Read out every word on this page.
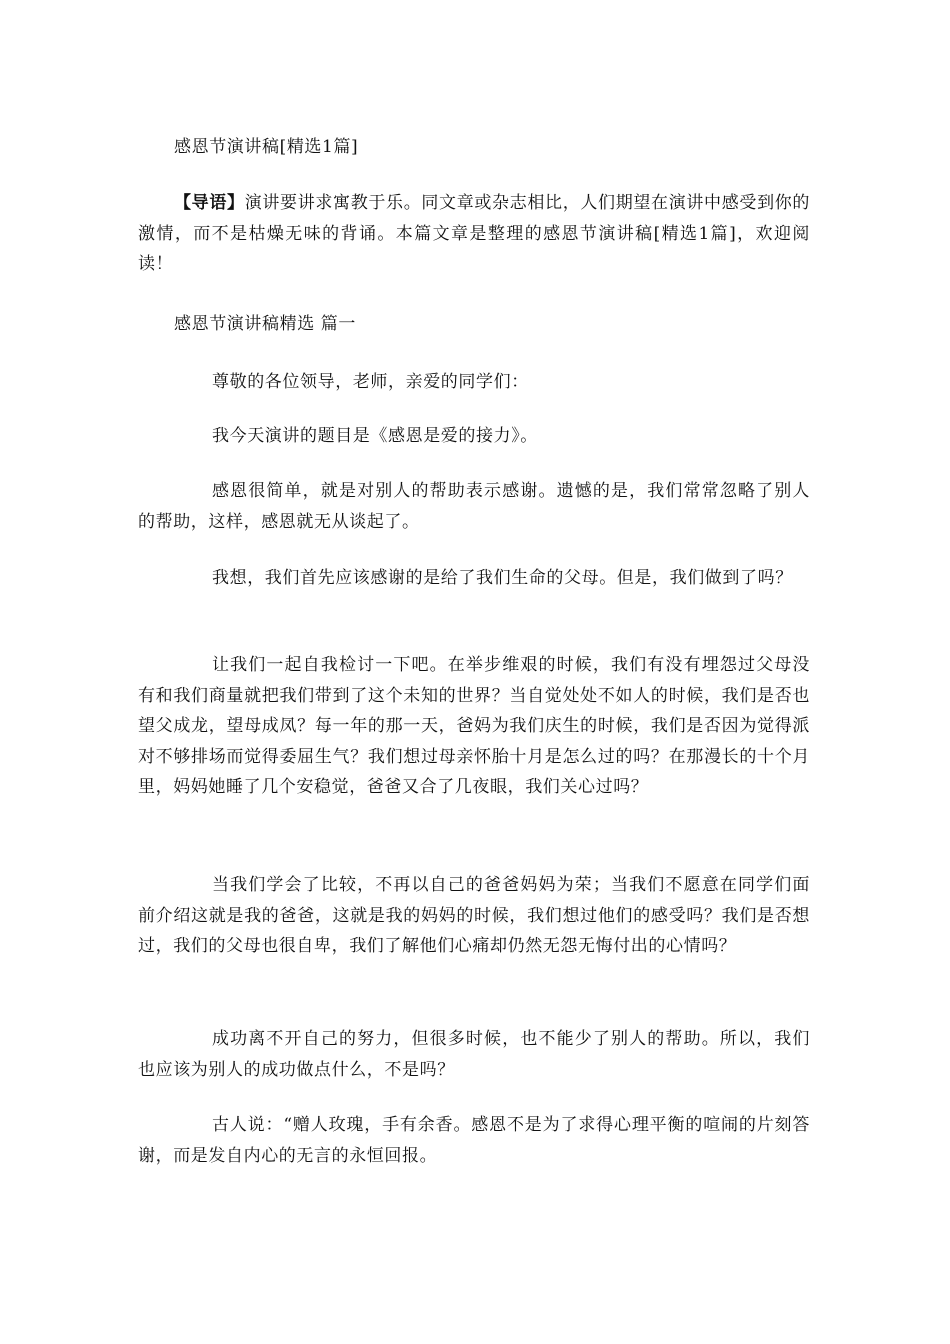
感恩节演讲稿[精选1篇]
【导语】演讲要讲求寓教于乐。同文章或杂志相比，人们期望在演讲中感受到你的激情，而不是枯燥无味的背诵。本篇文章是整理的感恩节演讲稿[精选1篇]，欢迎阅读！
感恩节演讲稿精选 篇一
尊敬的各位领导，老师，亲爱的同学们：
我今天演讲的题目是《感恩是爱的接力》。
感恩很简单，就是对别人的帮助表示感谢。遗憾的是，我们常常忽略了别人的帮助，这样，感恩就无从谈起了。
我想，我们首先应该感谢的是给了我们生命的父母。但是，我们做到了吗？
让我们一起自我检讨一下吧。在举步维艰的时候，我们有没有埋怨过父母没有和我们商量就把我们带到了这个未知的世界？当自觉处处不如人的时候，我们是否也望父成龙，望母成凤？每一年的那一天，爸妈为我们庆生的时候，我们是否因为觉得派对不够排场而觉得委屈生气？我们想过母亲怀胎十月是怎么过的吗？在那漫长的十个月里，妈妈她睡了几个安稳觉，爸爸又合了几夜眼，我们关心过吗？
当我们学会了比较，不再以自己的爸爸妈妈为荣；当我们不愿意在同学们面前介绍这就是我的爸爸，这就是我的妈妈的时候，我们想过他们的感受吗？我们是否想过，我们的父母也很自卑，我们了解他们心痛却仍然无怨无悔付出的心情吗？
成功离不开自己的努力，但很多时候，也不能少了别人的帮助。所以，我们也应该为别人的成功做点什么，不是吗？
古人说：“赠人玫瑰，手有余香。感恩不是为了求得心理平衡的喧闹的片刻答谢，而是发自内心的无言的永恒回报。
